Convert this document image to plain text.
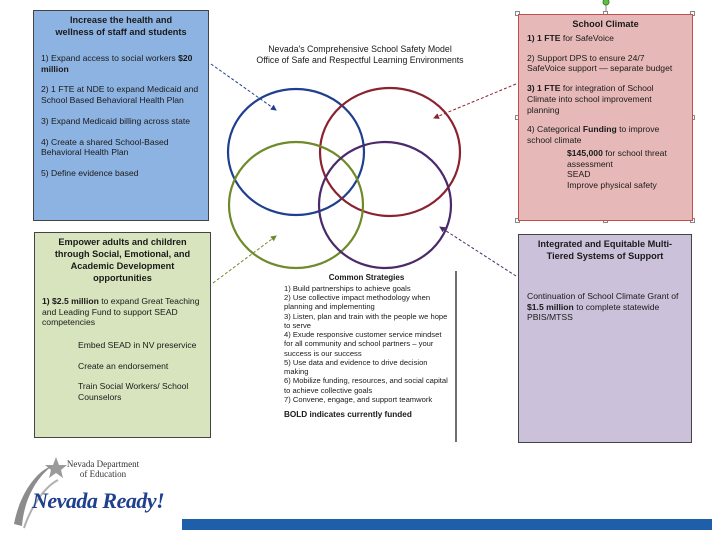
Nevada's Comprehensive School Safety Model
Office of Safe and Respectful Learning Environments
Increase the health and
wellness of staff and students

1) Expand access to social workers $20 million

2) 1 FTE at NDE to expand Medicaid and School Based Behavioral Health Plan

3) Expand Medicaid billing across state

4) Create a shared School-Based Behavioral Health Plan

5) Define evidence based

Empower adults and children
through Social, Emotional, and
Academic Development
opportunities

1) $2.5 million to expand Great Teaching and Leading Fund to support SEAD competencies

Embed SEAD in NV preservice

Create an endorsement

Train Social Workers/ School Counselors

School Climate

1) 1 FTE for SafeVoice

2) Support DPS to ensure 24/7 SafeVoice support — separate budget

3) 1 FTE for integration of School Climate into school improvement planning

4) Categorical Funding to improve school climate

$145,000 for school threat assessment

SEAD

Improve physical safety

Integrated and Equitable Multi-
Tiered Systems of Support

Continuation of School Climate Grant of $1.5 million to complete statewide PBIS/MTSS

Common Strategies
1) Build partnerships to achieve goals
2) Use collective impact methodology when planning and implementing
3) Listen, plan and train with the people we hope to serve
4) Exude responsive customer service mindset for all community and school partners – your success is our success
5) Use data and evidence to drive decision making
6) Mobilize funding, resources, and social capital to achieve collective goals
7) Convene, engage, and support teamwork
BOLD indicates currently funded
Nevada Department
of Education
Nevada Ready!
